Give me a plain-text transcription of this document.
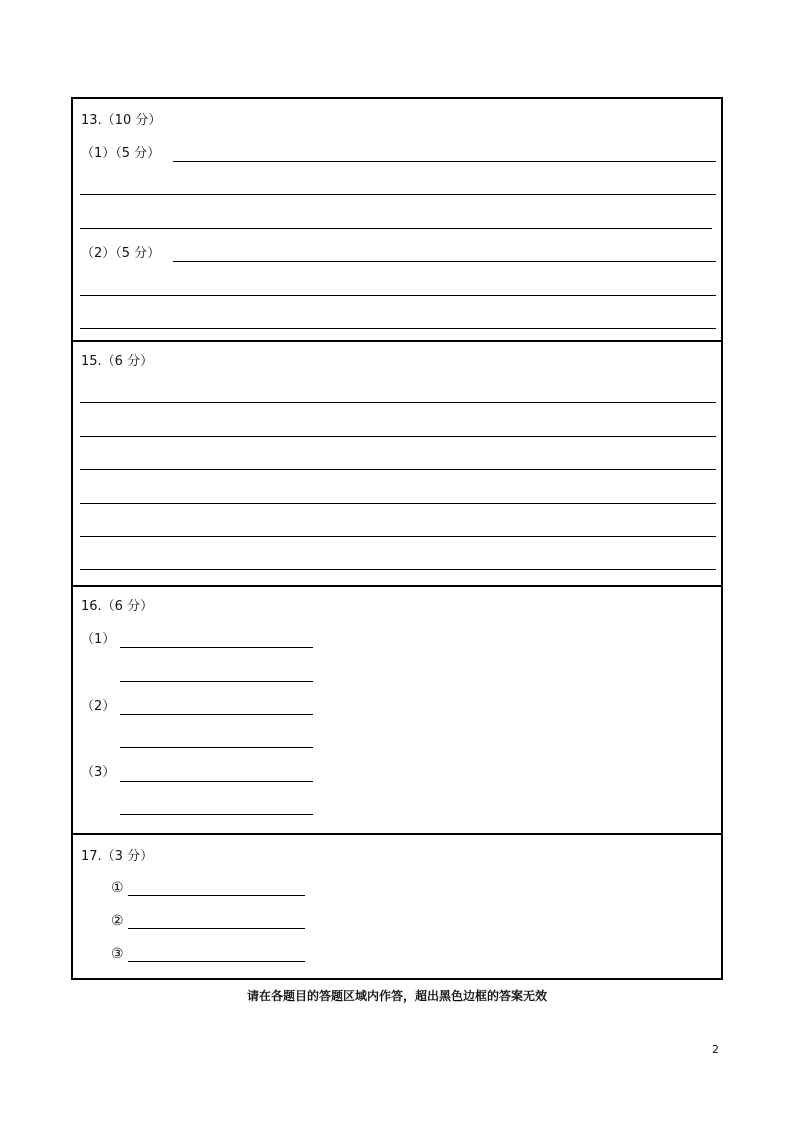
13.（10 分）
（1）（5 分）
（2）（5 分）
15.（6 分）
16.（6 分）
（1）
（2）
（3）
17.（3 分）
①
②
③
请在各题目的答题区域内作答，超出黑色边框的答案无效
2
